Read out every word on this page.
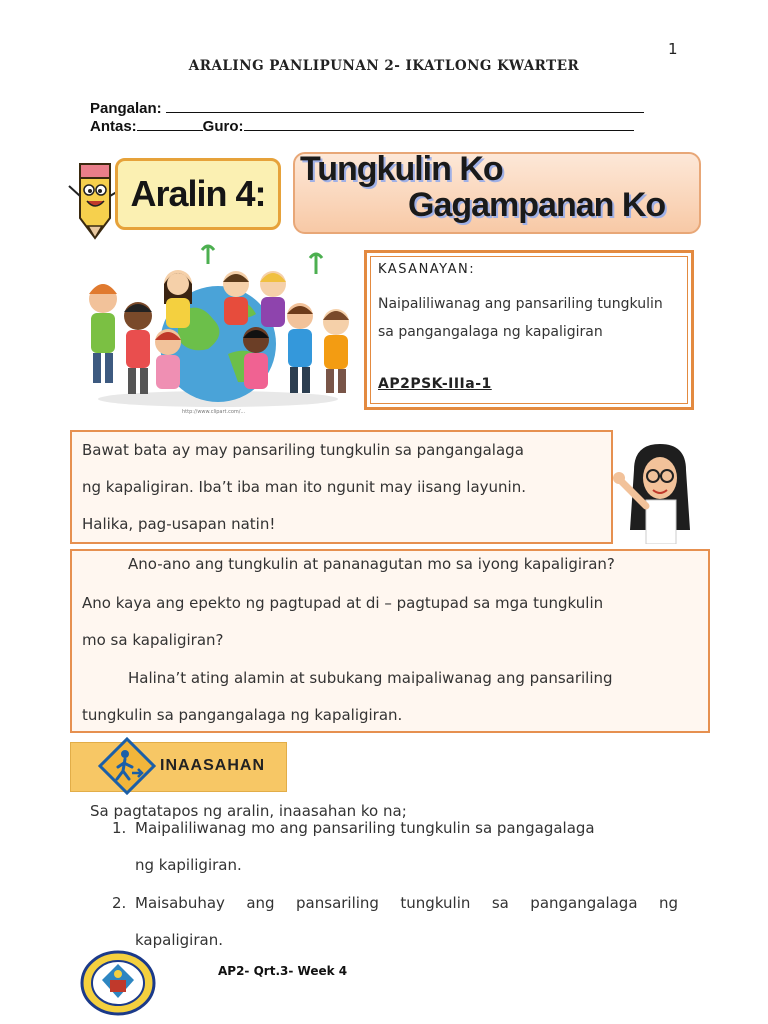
1
ARALING PANLIPUNAN 2- IKATLONG KWARTER
Pangalan:
Antas:	Guro:
Aralin 4:
Tungkulin Ko
Gagampanan Ko
http://www.clipart.com/...
KASANAYAN:
Naipaliliwanag ang pansariling tungkulin sa pangangalaga ng kapaligiran
AP2PSK-IIIa-1
Bawat bata ay may pansariling tungkulin sa pangangalaga
ng kapaligiran. Iba’t iba man ito ngunit may iisang layunin.
Halika, pag-usapan natin!
Ano-ano ang tungkulin at pananagutan mo sa iyong kapaligiran?
Ano kaya ang epekto ng pagtupad at di – pagtupad sa mga tungkulin
mo sa kapaligiran?
Halina’t ating alamin at subukang maipaliwanag ang pansariling
tungkulin sa pangangalaga ng kapaligiran.
INAASAHAN
Sa pagtatapos ng aralin, inaasahan ko na;
1. Maipaliliwanag mo ang pansariling tungkulin sa pangagalaga
ng kapiligiran.
2. Maisabuhay ang pansariling tungkulin sa pangangalaga ng
kapaligiran.
AP2- Qrt.3- Week 4
